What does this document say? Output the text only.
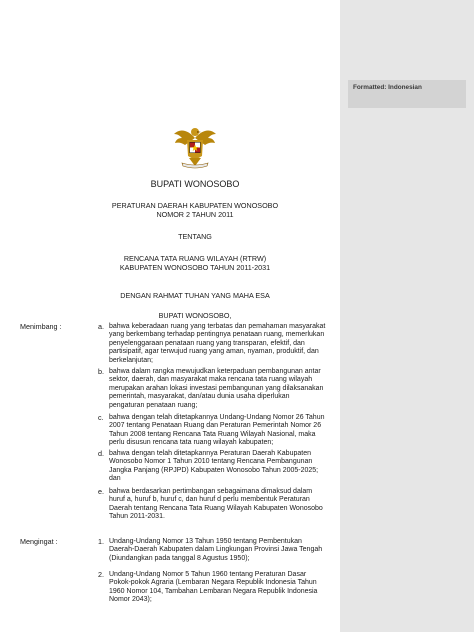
Formatted: Indonesian
BUPATI WONOSOBO
PERATURAN DAERAH KABUPATEN WONOSOBO
NOMOR 2 TAHUN 2011
TENTANG
RENCANA TATA RUANG WILAYAH (RTRW)
KABUPATEN WONOSOBO TAHUN 2011-2031
DENGAN RAHMAT TUHAN YANG MAHA ESA
BUPATI WONOSOBO,
Menimbang :	a. bahwa keberadaan ruang yang terbatas dan pemahaman masyarakat
yang berkembang terhadap pentingnya penataan ruang, memerlukan
penyelenggaraan penataan ruang yang transparan, efektif, dan
partisipatif, agar terwujud ruang yang aman, nyaman, produktif, dan
berkelanjutan;
b. bahwa dalam rangka mewujudkan keterpaduan pembangunan antar
sektor, daerah, dan masyarakat maka rencana tata ruang wilayah
merupakan arahan lokasi investasi pembangunan yang dilaksanakan
pemerintah, masyarakat, dan/atau dunia usaha diperlukan
pengaturan penataan ruang;
c. bahwa dengan telah ditetapkannya Undang-Undang Nomor 26 Tahun
2007 tentang Penataan Ruang dan Peraturan Pemerintah Nomor 26
Tahun 2008 tentang Rencana Tata Ruang Wilayah Nasional, maka
perlu disusun rencana tata ruang wilayah kabupaten;
d. bahwa dengan telah ditetapkannya Peraturan Daerah Kabupaten
Wonosobo Nomor 1 Tahun 2010 tentang Rencana Pembangunan
Jangka Panjang (RPJPD) Kabupaten Wonosobo Tahun 2005-2025;
dan
e. bahwa berdasarkan pertimbangan sebagaimana dimaksud dalam
huruf a, huruf b, huruf c, dan huruf d perlu membentuk Peraturan
Daerah tentang Rencana Tata Ruang Wilayah Kabupaten Wonosobo
Tahun 2011-2031.
Mengingat :	1. Undang-Undang Nomor 13 Tahun 1950 tentang Pembentukan
Daerah-Daerah Kabupaten dalam Lingkungan Provinsi Jawa Tengah
(Diundangkan pada tanggal 8 Agustus 1950);
2. Undang-Undang Nomor 5 Tahun 1960 tentang Peraturan Dasar
Pokok-pokok Agraria (Lembaran Negara Republik Indonesia Tahun
1960 Nomor 104, Tambahan Lembaran Negara Republik Indonesia
Nomor 2043);
